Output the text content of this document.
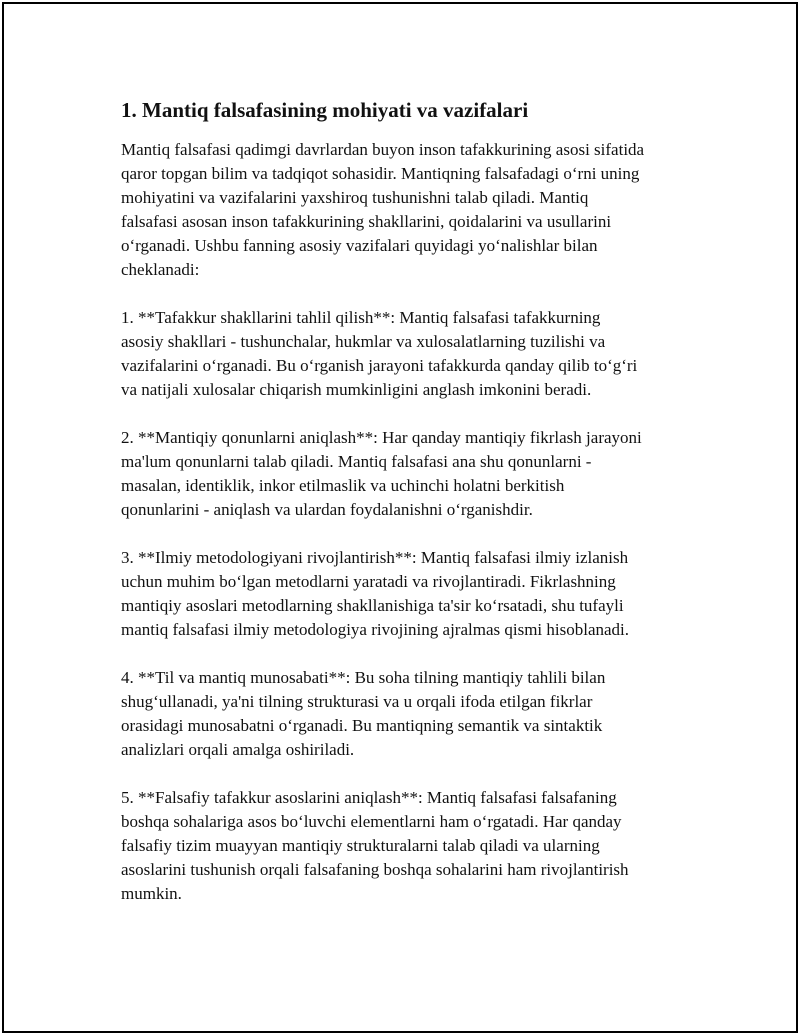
1. Mantiq falsafasining mohiyati va vazifalari

Mantiq falsafasi qadimgi davrlardan buyon inson tafakkurining asosi sifatida
qaror topgan bilim va tadqiqot sohasidir. Mantiqning falsafadagi o‘rni uning
mohiyatini va vazifalarini yaxshiroq tushunishni talab qiladi. Mantiq
falsafasi asosan inson tafakkurining shakllarini, qoidalarini va usullarini
o‘rganadi. Ushbu fanning asosiy vazifalari quyidagi yo‘nalishlar bilan
cheklanadi:

1. **Tafakkur shakllarini tahlil qilish**: Mantiq falsafasi tafakkurning
asosiy shakllari - tushunchalar, hukmlar va xulosalatlarning tuzilishi va
vazifalarini o‘rganadi. Bu o‘rganish jarayoni tafakkurda qanday qilib to‘g‘ri
va natijali xulosalar chiqarish mumkinligini anglash imkonini beradi.

2. **Mantiqiy qonunlarni aniqlash**: Har qanday mantiqiy fikrlash jarayoni
ma'lum qonunlarni talab qiladi. Mantiq falsafasi ana shu qonunlarni -
masalan, identiklik, inkor etilmaslik va uchinchi holatni berkitish
qonunlarini - aniqlash va ulardan foydalanishni o‘rganishdir.

3. **Ilmiy metodologiyani rivojlantirish**: Mantiq falsafasi ilmiy izlanish
uchun muhim bo‘lgan metodlarni yaratadi va rivojlantiradi. Fikrlashning
mantiqiy asoslari metodlarning shakllanishiga ta'sir ko‘rsatadi, shu tufayli
mantiq falsafasi ilmiy metodologiya rivojining ajralmas qismi hisoblanadi.

4. **Til va mantiq munosabati**: Bu soha tilning mantiqiy tahlili bilan
shug‘ullanadi, ya'ni tilning strukturasi va u orqali ifoda etilgan fikrlar
orasidagi munosabatni o‘rganadi. Bu mantiqning semantik va sintaktik
analizlari orqali amalga oshiriladi.

5. **Falsafiy tafakkur asoslarini aniqlash**: Mantiq falsafasi falsafaning
boshqa sohalariga asos bo‘luvchi elementlarni ham o‘rgatadi. Har qanday
falsafiy tizim muayyan mantiqiy strukturalarni talab qiladi va ularning
asoslarini tushunish orqali falsafaning boshqa sohalarini ham rivojlantirish
mumkin.
